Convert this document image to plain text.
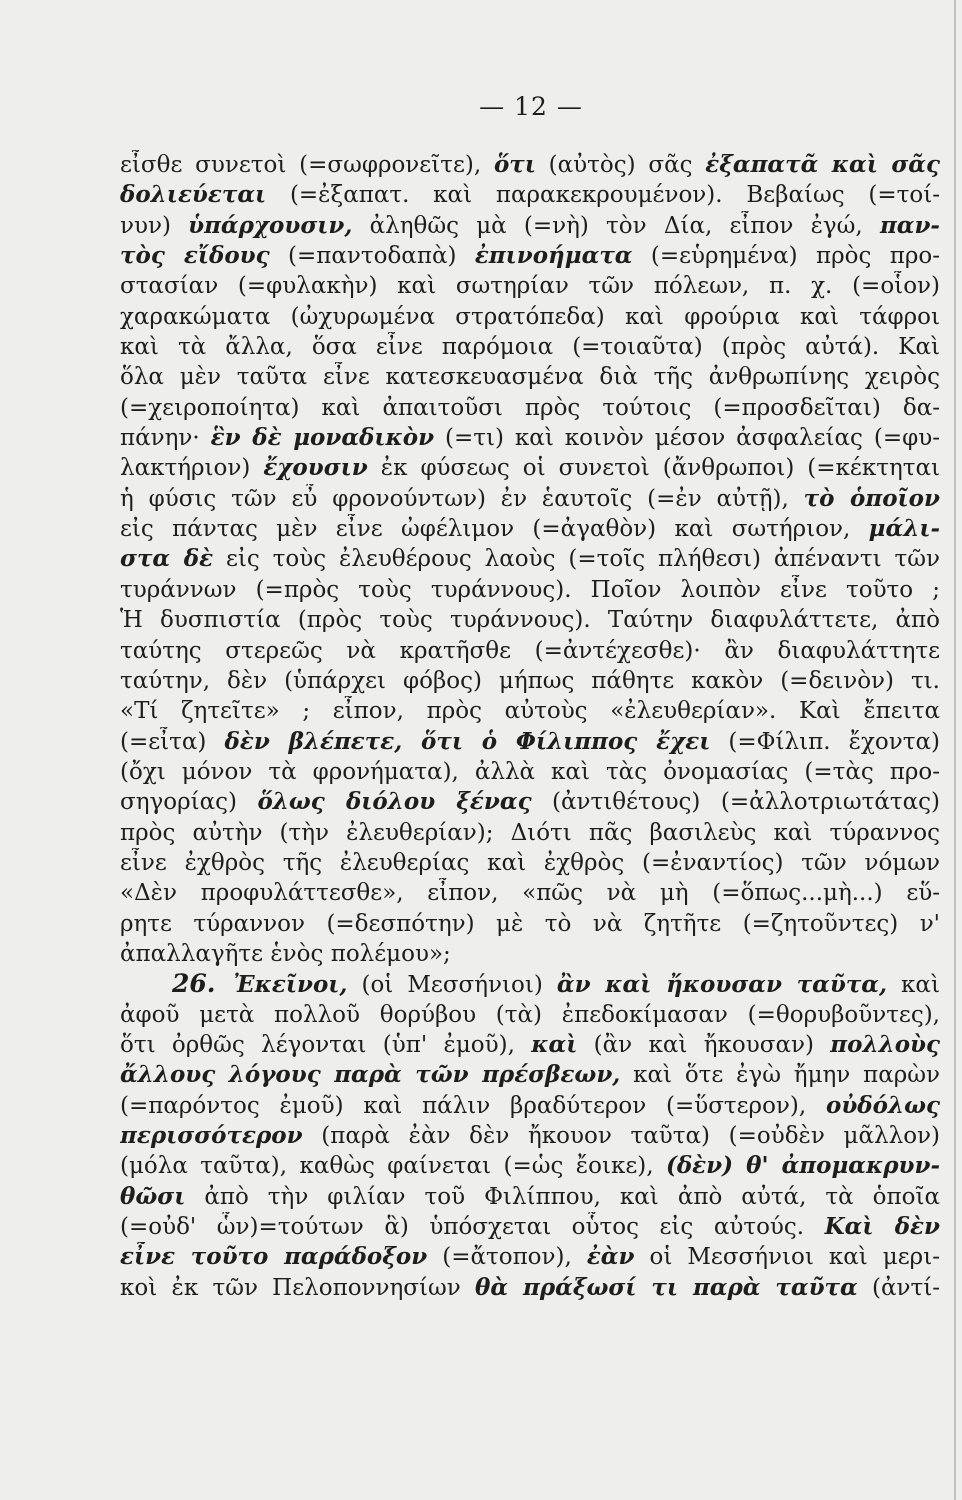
— 12 —
εἶσθε συνετοὶ (=σωφρονεῖτε), ὅτι (αὐτὸς) σᾶς ἐξαπατᾶ καὶ σᾶς
δολιεύεται (=ἐξαπατ. καὶ παρακεκρουμένον). Βεβαίως (=τοί-
νυν) ὑπάρχουσιν, ἀληθῶς μὰ (=νὴ) τὸν Δία, εἶπον ἐγώ, παν-
τὸς εἴδους (=παντοδαπὰ) ἐπινοήματα (=εὑρημένα) πρὸς προ-
στασίαν (=φυλακὴν) καὶ σωτηρίαν τῶν πόλεων, π. χ. (=οἷον)
χαρακώματα (ὠχυρωμένα στρατόπεδα) καὶ φρούρια καὶ τάφροι
καὶ τὰ ἄλλα, ὅσα εἶνε παρόμοια (=τοιαῦτα) (πρὸς αὐτά). Καὶ
ὅλα μὲν ταῦτα εἶνε κατεσκευασμένα διὰ τῆς ἀνθρωπίνης χειρὸς
(=χειροποίητα) καὶ ἀπαιτοῦσι πρὸς τούτοις (=προσδεῖται) δα-
πάνην· ἓν δὲ μοναδικὸν (=τι) καὶ κοινὸν μέσον ἀσφαλείας (=φυ-
λακτήριον) ἔχουσιν ἐκ φύσεως οἱ συνετοὶ (ἄνθρωποι) (=κέκτηται
ἡ φύσις τῶν εὖ φρονούντων) ἐν ἑαυτοῖς (=ἐν αὐτῇ), τὸ ὁποῖον
εἰς πάντας μὲν εἶνε ὠφέλιμον (=ἀγαθὸν) καὶ σωτήριον, μάλι-
στα δὲ εἰς τοὺς ἐλευθέρους λαοὺς (=τοῖς πλήθεσι) ἀπέναντι τῶν
τυράννων (=πρὸς τοὺς τυράννους). Ποῖον λοιπὸν εἶνε τοῦτο ;
Ἡ δυσπιστία (πρὸς τοὺς τυράννους). Ταύτην διαφυλάττετε, ἀπὸ
ταύτης στερεῶς νὰ κρατῆσθε (=ἀντέχεσθε)· ἂν διαφυλάττητε
ταύτην, δὲν (ὑπάρχει φόβος) μήπως πάθητε κακὸν (=δεινὸν) τι.
«Τί ζητεῖτε» ; εἶπον, πρὸς αὐτοὺς «ἐλευθερίαν». Καὶ ἔπειτα
(=εἶτα) δὲν βλέπετε, ὅτι ὁ Φίλιππος ἔχει (=Φίλιπ. ἔχοντα)
(ὄχι μόνον τὰ φρονήματα), ἀλλὰ καὶ τὰς ὀνομασίας (=τὰς προ-
σηγορίας) ὅλως διόλου ξένας (ἀντιθέτους) (=ἀλλοτριωτάτας)
πρὸς αὐτὴν (τὴν ἐλευθερίαν); Διότι πᾶς βασιλεὺς καὶ τύραννος
εἶνε ἐχθρὸς τῆς ἐλευθερίας καὶ ἐχθρὸς (=ἐναντίος) τῶν νόμων
«Δὲν προφυλάττεσθε», εἶπον, «πῶς νὰ μὴ (=ὅπως...μὴ...) εὕ-
ρητε τύραννον (=δεσπότην) μὲ τὸ νὰ ζητῆτε (=ζητοῦντες) ν'
ἀπαλλαγῆτε ἑνὸς πολέμου»;
26. Ἐκεῖνοι, (οἱ Μεσσήνιοι) ἂν καὶ ἤκουσαν ταῦτα, καὶ
ἀφοῦ μετὰ πολλοῦ θορύβου (τὰ) ἐπεδοκίμασαν (=θορυβοῦντες),
ὅτι ὀρθῶς λέγονται (ὑπ' ἐμοῦ), καὶ (ἂν καὶ ἤκουσαν) πολλοὺς
ἄλλους λόγους παρὰ τῶν πρέσβεων, καὶ ὅτε ἐγὼ ἤμην παρὼν
(=παρόντος ἐμοῦ) καὶ πάλιν βραδύτερον (=ὕστερον), οὐδόλως
περισσότερον (παρὰ ἐὰν δὲν ἤκουον ταῦτα) (=οὐδὲν μᾶλλον)
(μόλα ταῦτα), καθὼς φαίνεται (=ὡς ἔοικε), (δὲν) θ' ἀπομακρυν-
θῶσι ἀπὸ τὴν φιλίαν τοῦ Φιλίππου, καὶ ἀπὸ αὐτά, τὰ ὁποῖα
(=οὐδ' ὧν)=τούτων ἃ) ὑπόσχεται οὗτος εἰς αὐτούς. Καὶ δὲν
εἶνε τοῦτο παράδοξον (=ἄτοπον), ἐὰν οἱ Μεσσήνιοι καὶ μερι-
κοὶ ἐκ τῶν Πελοποννησίων θὰ πράξωσί τι παρὰ ταῦτα (ἀντί-
